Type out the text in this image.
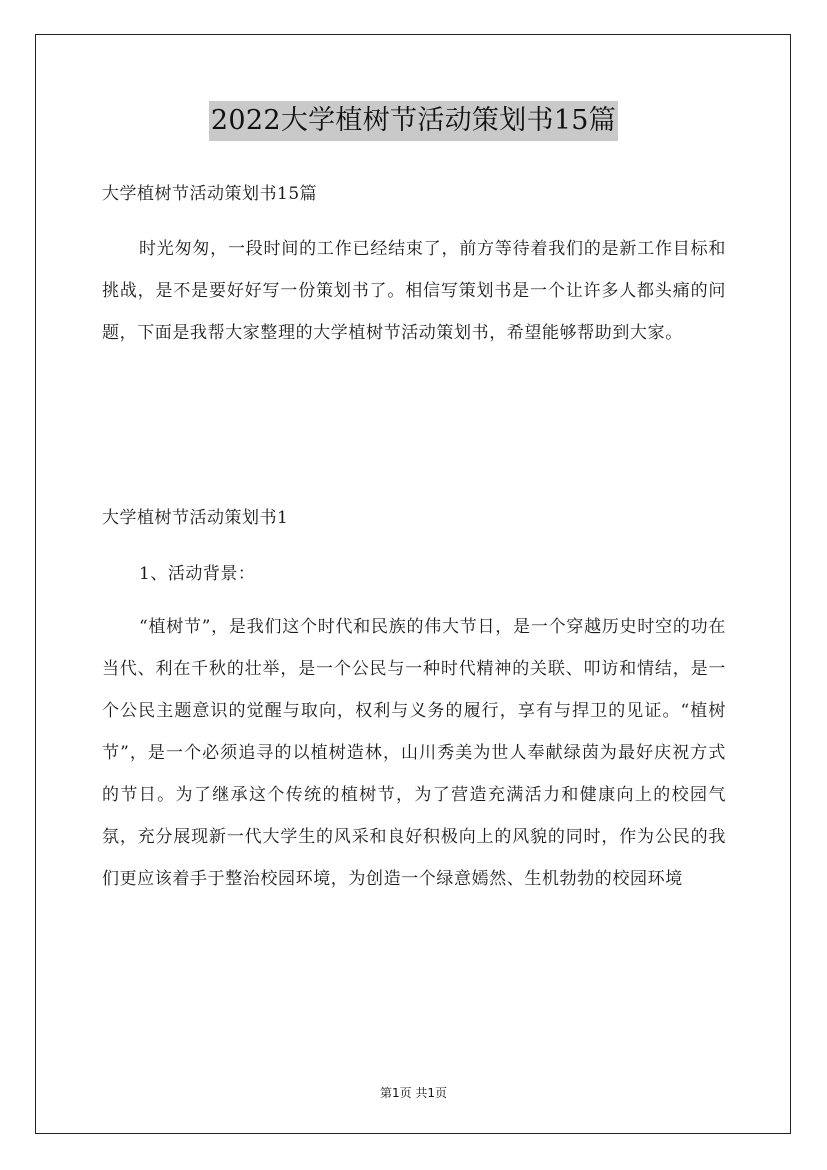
2022大学植树节活动策划书15篇
大学植树节活动策划书15篇

时光匆匆，一段时间的工作已经结束了，前方等待着我们的是新工作目标和挑战，是不是要好好写一份策划书了。相信写策划书是一个让许多人都头痛的问题，下面是我帮大家整理的大学植树节活动策划书，希望能够帮助到大家。

大学植树节活动策划书1
1、活动背景：

“植树节”，是我们这个时代和民族的伟大节日，是一个穿越历史时空的功在当代、利在千秋的壮举，是一个公民与一种时代精神的关联、叩访和情结，是一个公民主题意识的觉醒与取向，权利与义务的履行，享有与捍卫的见证。“植树节”，是一个必须追寻的以植树造林，山川秀美为世人奉献绿茵为最好庆祝方式的节日。为了继承这个传统的植树节，为了营造充满活力和健康向上的校园气氛，充分展现新一代大学生的风采和良好积极向上的风貌的同时，作为公民的我们更应该着手于整治校园环境，为创造一个绿意嫣然、生机勃勃的校园环境

第1页 共1页
